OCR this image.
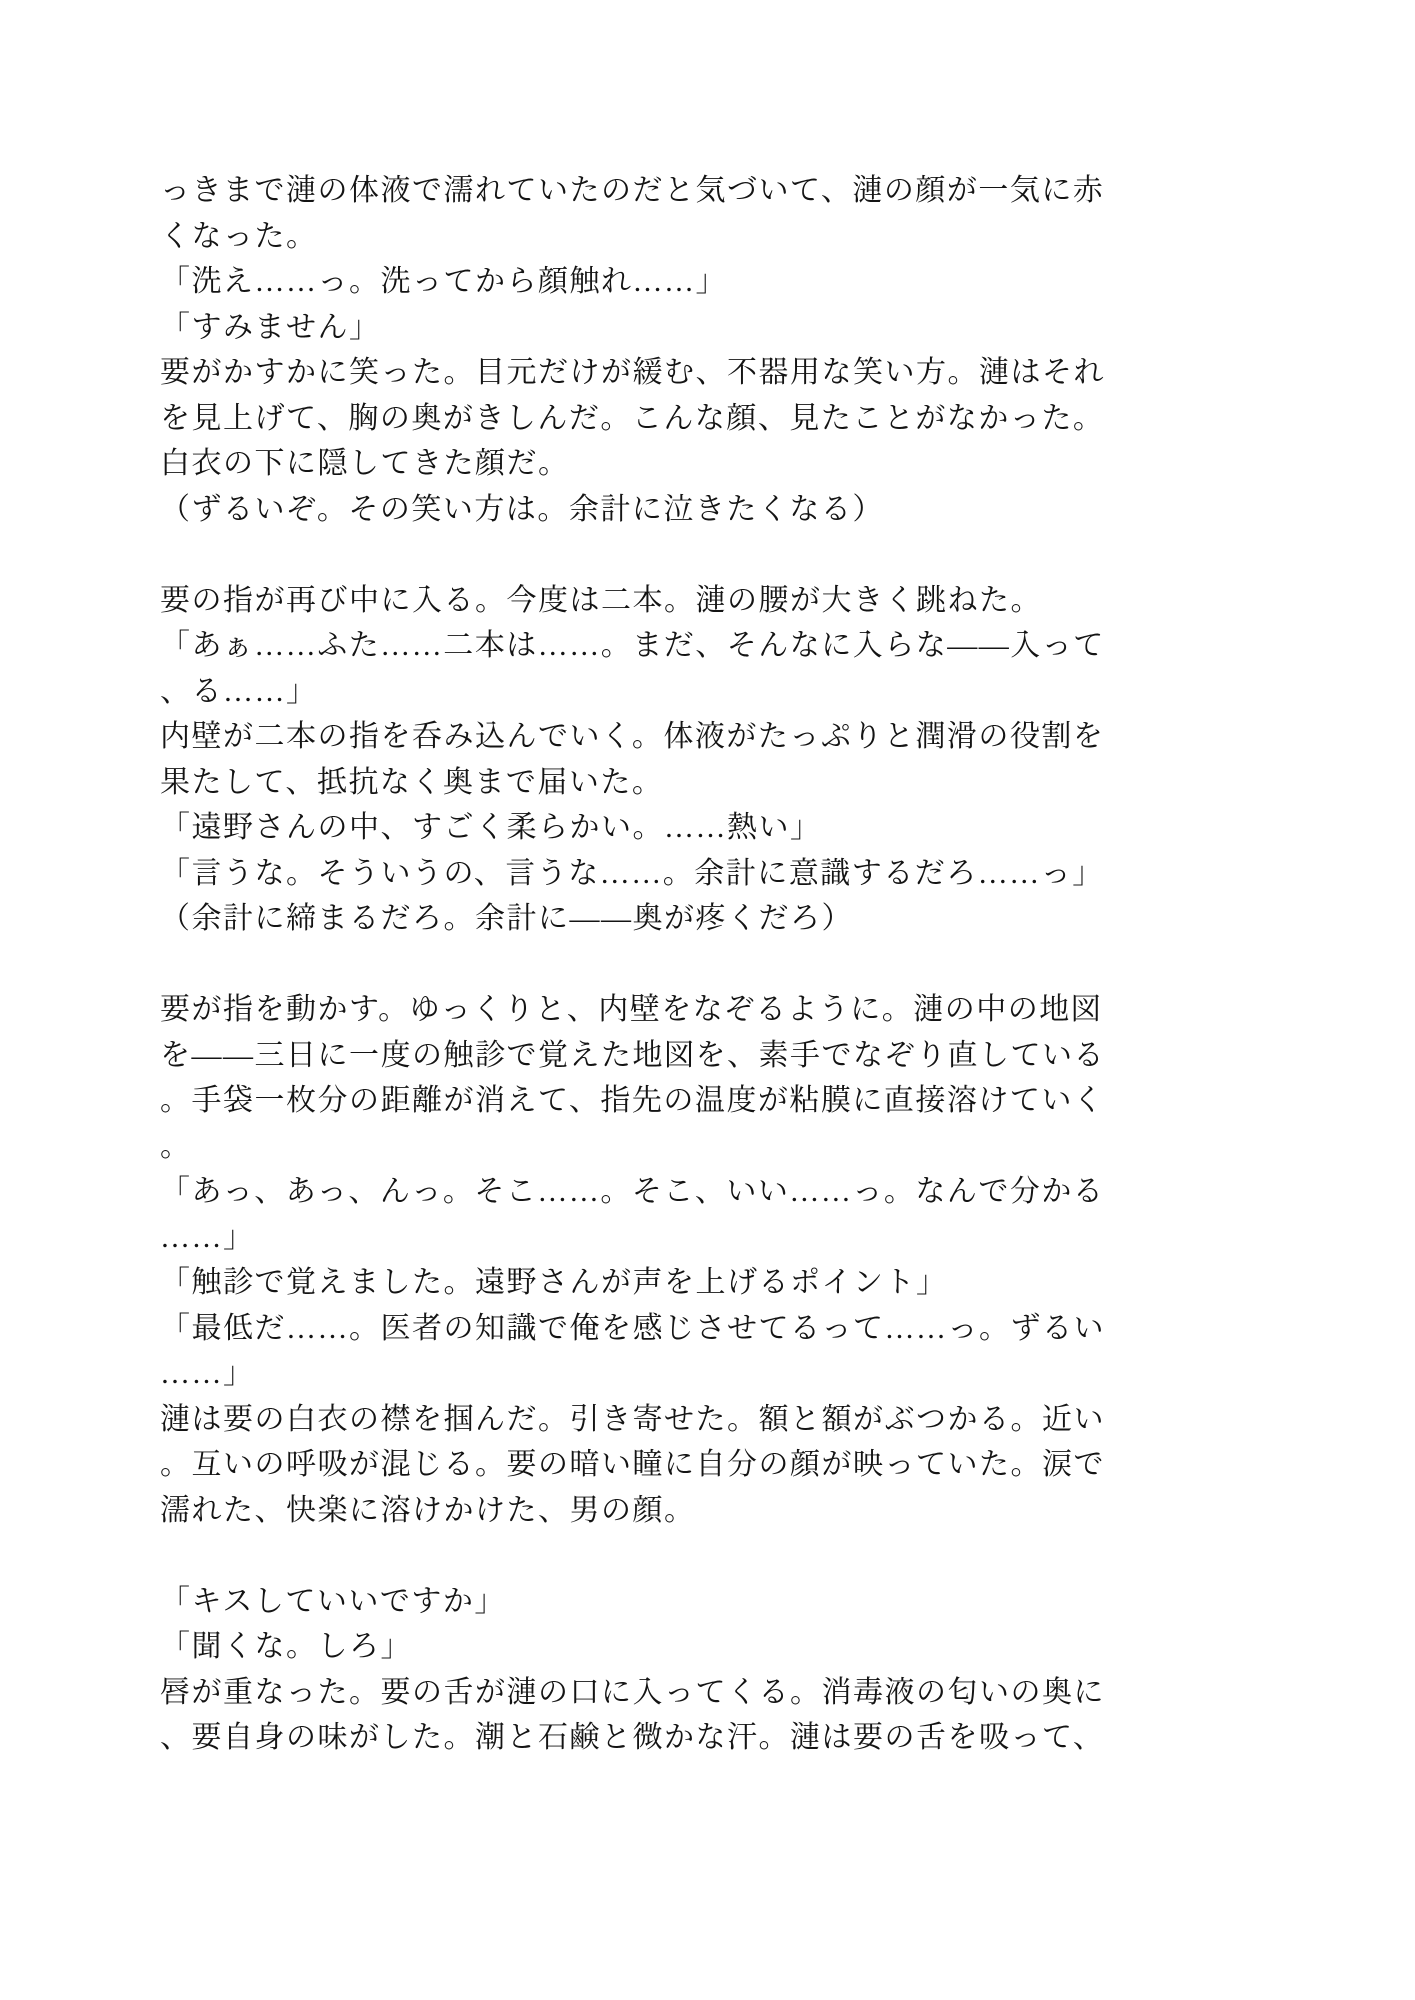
っきまで漣の体液で濡れていたのだと気づいて、漣の顔が一気に赤
くなった。
「洗え……っ。洗ってから顔触れ……」
「すみません」
要がかすかに笑った。目元だけが緩む、不器用な笑い方。漣はそれ
を見上げて、胸の奥がきしんだ。こんな顔、見たことがなかった。
白衣の下に隠してきた顔だ。
（ずるいぞ。その笑い方は。余計に泣きたくなる）
要の指が再び中に入る。今度は二本。漣の腰が大きく跳ねた。
「あぁ……ふた……二本は……。まだ、そんなに入らな——入って
、る……」
内壁が二本の指を呑み込んでいく。体液がたっぷりと潤滑の役割を
果たして、抵抗なく奥まで届いた。
「遠野さんの中、すごく柔らかい。……熱い」
「言うな。そういうの、言うな……。余計に意識するだろ……っ」
（余計に締まるだろ。余計に——奥が疼くだろ）
要が指を動かす。ゆっくりと、内壁をなぞるように。漣の中の地図
を——三日に一度の触診で覚えた地図を、素手でなぞり直している
。手袋一枚分の距離が消えて、指先の温度が粘膜に直接溶けていく
。
「あっ、あっ、んっ。そこ……。そこ、いい……っ。なんで分かる
……」
「触診で覚えました。遠野さんが声を上げるポイント」
「最低だ……。医者の知識で俺を感じさせてるって……っ。ずるい
……」
漣は要の白衣の襟を掴んだ。引き寄せた。額と額がぶつかる。近い
。互いの呼吸が混じる。要の暗い瞳に自分の顔が映っていた。涙で
濡れた、快楽に溶けかけた、男の顔。
「キスしていいですか」
「聞くな。しろ」
唇が重なった。要の舌が漣の口に入ってくる。消毒液の匂いの奥に
、要自身の味がした。潮と石鹸と微かな汗。漣は要の舌を吸って、
